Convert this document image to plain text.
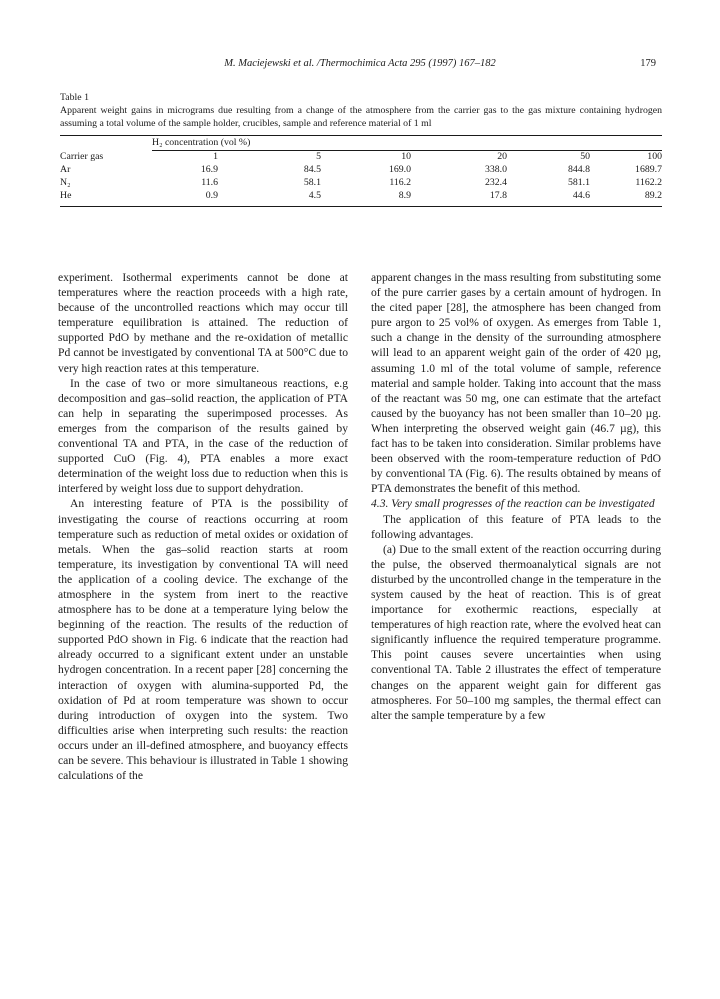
M. Maciejewski et al. /Thermochimica Acta 295 (1997) 167–182	179
Table 1
Apparent weight gains in micrograms due resulting from a change of the atmosphere from the carrier gas to the gas mixture containing hydrogen assuming a total volume of the sample holder, crucibles, sample and reference material of 1 ml
H₂ concentration (vol %)
Carrier gas	1	5	10	20	50	100
Ar	16.9	84.5	169.0	338.0	844.8	1689.7
N₂	11.6	58.1	116.2	232.4	581.1	1162.2
He	0.9	4.5	8.9	17.8	44.6	89.2

experiment. Isothermal experiments cannot be done at temperatures where the reaction proceeds with a high rate, because of the uncontrolled reactions which may occur till temperature equilibration is attained. The reduction of supported PdO by methane and the re-oxidation of metallic Pd cannot be investigated by conventional TA at 500°C due to very high reaction rates at this temperature.

In the case of two or more simultaneous reactions, e.g decomposition and gas–solid reaction, the application of PTA can help in separating the superimposed processes. As emerges from the comparison of the results gained by conventional TA and PTA, in the case of the reduction of supported CuO (Fig. 4), PTA enables a more exact determination of the weight loss due to reduction when this is interfered by weight loss due to support dehydration.

An interesting feature of PTA is the possibility of investigating the course of reactions occurring at room temperature such as reduction of metal oxides or oxidation of metals. When the gas–solid reaction starts at room temperature, its investigation by conventional TA will need the application of a cooling device. The exchange of the atmosphere in the system from inert to the reactive atmosphere has to be done at a temperature lying below the beginning of the reaction. The results of the reduction of supported PdO shown in Fig. 6 indicate that the reaction had already occurred to a significant extent under an unstable hydrogen concentration. In a recent paper [28] concerning the interaction of oxygen with alumina-supported Pd, the oxidation of Pd at room temperature was shown to occur during introduction of oxygen into the system. Two difficulties arise when interpreting such results: the reaction occurs under an ill-defined atmosphere, and buoyancy effects can be severe. This behaviour is illustrated in Table 1 showing calculations of the

apparent changes in the mass resulting from substituting some of the pure carrier gases by a certain amount of hydrogen. In the cited paper [28], the atmosphere has been changed from pure argon to 25 vol% of oxygen. As emerges from Table 1, such a change in the density of the surrounding atmosphere will lead to an apparent weight gain of the order of 420 µg, assuming 1.0 ml of the total volume of sample, reference material and sample holder. Taking into account that the mass of the reactant was 50 mg, one can estimate that the artefact caused by the buoyancy has not been smaller than 10–20 µg. When interpreting the observed weight gain (46.7 µg), this fact has to be taken into consideration. Similar problems have been observed with the room-temperature reduction of PdO by conventional TA (Fig. 6). The results obtained by means of PTA demonstrates the benefit of this method.

4.3. Very small progresses of the reaction can be investigated

The application of this feature of PTA leads to the following advantages.

(a) Due to the small extent of the reaction occurring during the pulse, the observed thermoanalytical signals are not disturbed by the uncontrolled change in the temperature in the system caused by the heat of reaction. This is of great importance for exothermic reactions, especially at temperatures of high reaction rate, where the evolved heat can significantly influence the required temperature programme. This point causes severe uncertainties when using conventional TA. Table 2 illustrates the effect of temperature changes on the apparent weight gain for different gas atmospheres. For 50–100 mg samples, the thermal effect can alter the sample temperature by a few
